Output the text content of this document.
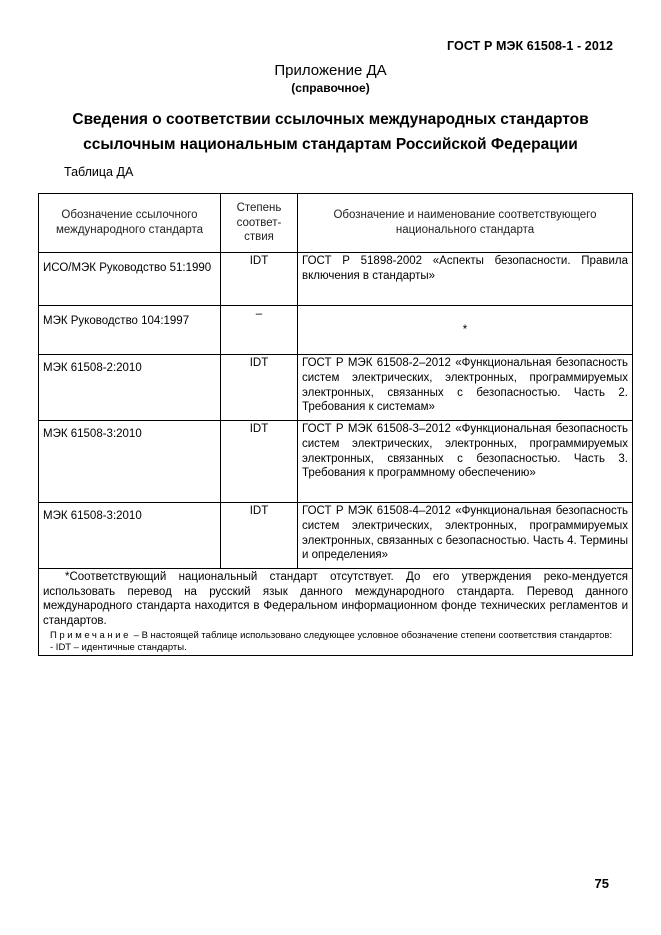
ГОСТ Р МЭК 61508-1 - 2012
Приложение ДА
(справочное)
Сведения о соответствии ссылочных международных стандартов
ссылочным национальным стандартам Российской Федерации
Таблица ДА
Обозначение ссылочного международного стандарта	Степень соответ-ствия	Обозначение и наименование соответствующего национального стандарта
ИСО/МЭК Руководство 51:1990	IDT	ГОСТ Р 51898-2002 «Аспекты безопасности. Правила включения в стандарты»
МЭК Руководство 104:1997	–	*
МЭК 61508-2:2010	IDT	ГОСТ Р МЭК 61508-2–2012 «Функциональная безопасность систем электрических, электронных, программируемых электронных, связанных с безопасностью. Часть 2. Требования к системам»
МЭК 61508-3:2010	IDT	ГОСТ Р МЭК 61508-3–2012 «Функциональная безопасность систем электрических, электронных, программируемых электронных, связанных с безопасностью. Часть 3. Требования к программному обеспечению»
МЭК 61508-3:2010	IDT	ГОСТ Р МЭК 61508-4–2012 «Функциональная безопасность систем электрических, электронных, программируемых электронных, связанных с безопасностью. Часть 4. Термины и определения»

*Соответствующий национальный стандарт отсутствует. До его утверждения реко-мендуется использовать перевод на русский язык данного международного стандарта. Перевод данного международного стандарта находится в Федеральном информационном фонде технических регламентов и стандартов.

Примечание – В настоящей таблице использовано следующее условное обозначение степени соответствия стандартов:

- IDT – идентичные стандарты.		

75
